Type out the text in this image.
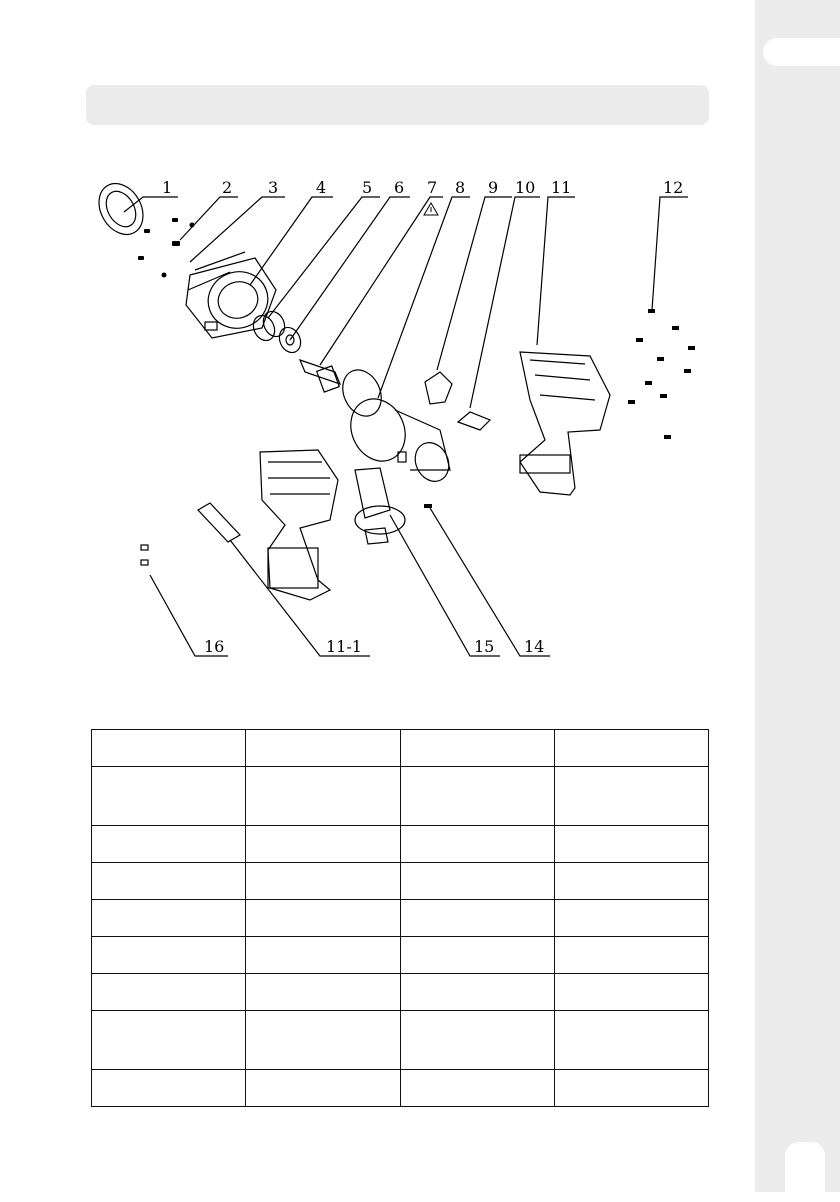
1	2 3 4 5 6 7 8 9 10 11	12
16	11-1	15 14
